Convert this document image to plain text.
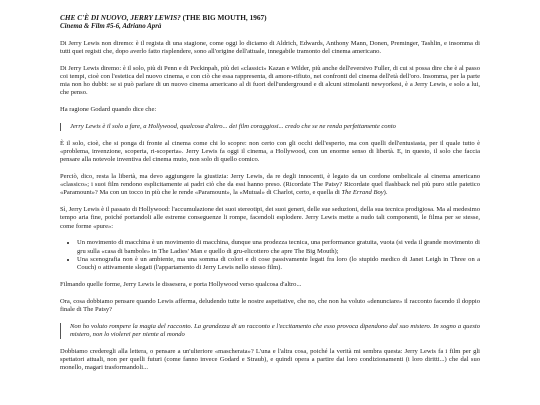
CHE C'È DI NUOVO, JERRY LEWIS? (THE BIG MOUTH, 1967)
Cinema & Film #5-6, Adriano Aprà

Di Jerry Lewis non diremo: è il regista di una stagione, come oggi lo diciamo di Aldrich, Edwards, Anthony Mann, Donen, Preminger, Tashlin, e insomma di tutti quei registi che, dopo averlo fatto risplendere, sono all'origine dell'attuale, innegabile tramonto del cinema americano.

Di Jerry Lewis diremo: è il solo, più di Penn e di Peckinpah, più dei «classici» Kazan e Wilder, più anche dell'eversivo Fuller, di cui si possa dire che è al passo coi tempi, cioè con l'estetica del nuovo cinema, e con ciò che essa rappresenta, di amore-rifiuto, nei confronti del cinema dell'età dell'oro. Insomma, per la parte mia non ho dubbi: se si può parlare di un nuovo cinema americano al di fuori dell'underground e di alcuni stimolanti newyorkesi, è a Jerry Lewis, e solo a lui, che penso.

Ha ragione Godard quando dice che:

Jerry Lewis è il solo a fare, a Hollywood, qualcosa d'altro... dei film coraggiosi... credo che se ne renda perfettamente conto

È il solo, cioè, che si ponga di fronte al cinema come chi lo scopre: non certo con gli occhi dell'esperto, ma con quelli dell'entusiasta, per il quale tutto è «problema, invenzione, scoperta, ri-scoperta». Jerry Lewis fa oggi il cinema, a Hollywood, con un enorme senso di libertà. E, in questo, il solo che faccia pensare alla notevole inventiva del cinema muto, non solo di quello comico.

Perciò, dico, resta la libertà, ma devo aggiungere la giustizia: Jerry Lewis, da re degli innocenti, è legato da un cordone ombelicale al cinema americano «classico»; i suoi film rendono esplicitamente ai padri ciò che da essi hanno preso. (Ricordate The Patsy? Ricordate quel flashback nel più puro stile patetico «Paramount»? Ma con un tocco in più che le rende «Paramount», la «Mutual» di Charlot, certo, e quella di The Errand Boy).

Sì, Jerry Lewis è il passato di Hollywood: l'accumulazione dei suoi stereotipi, dei suoi generi, delle sue seduzioni, della sua tecnica prodigiosa. Ma al medesimo tempo aria fine, poiché portandoli alle estreme conseguenze li rompe, facendoli esplodere. Jerry Lewis mette a nudo tali componenti, le filma per se stesse, come forme «pure»:

• Un movimento di macchina è un movimento di macchina, dunque una prodezza tecnica, una performance gratuita, vuota (si veda il grande movimento di gru sulla «casa di bambole» in The Ladies' Man e quello di gru-elicottero che apre The Big Mouth);
• Una scenografia non è un ambiente, ma una somma di colori e di cose passivamente legati fra loro (lo stupido medico di Janet Leigh in Three on a Couch) o attivamente slegati (l'appartamento di Jerry Lewis nello stesso film).

Filmando quelle forme, Jerry Lewis le dissesera, e porta Hollywood verso qualcosa d'altro...

Ora, cosa dobbiamo pensare quando Lewis afferma, deludendo tutte le nostre aspettative, che no, che non ha voluto «denunciare» il racconto facendo il doppio finale di The Patsy?

Non ho voluto rompere la magia del racconto. La grandezza di un racconto e l'eccitamento che esso provoca dipendono dal suo mistero. In sogno a questo mistero, non lo violerei per niente al mondo

Dobbiamo crederegli alla lettera, o pensare a un'ulteriore «mascherata»? L'una e l'altra cosa, poiché la verità mi sembra questa: Jerry Lewis fa i film per gli spettatori attuali, non per quelli futuri (come fanno invece Godard e Straub), e quindi opera a partire dai loro condizionamenti (i loro diritti...) che dal suo monello, magari trasformandoli...
